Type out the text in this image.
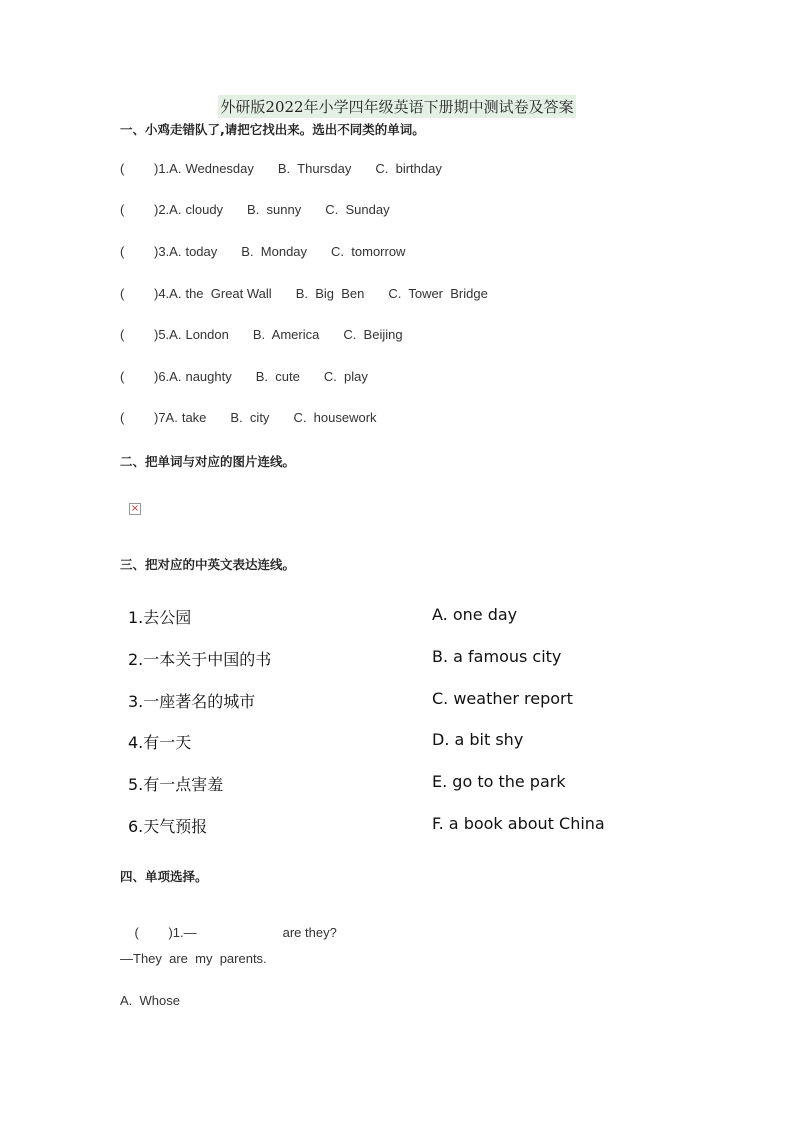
外研版2022年小学四年级英语下册期中测试卷及答案
一、小鸡走错队了,请把它找出来。选出不同类的单词。
( )1.A. Wednesday B.  Thursday C.  birthday
( )2.A. cloudy B.  sunny C.  Sunday
( )3.A. today B.  Monday C.  tomorrow
( )4.A. the  Great Wall B.  Big  Ben C.  Tower  Bridge
( )5.A. London B.  America C.  Beijing
( )6.A. naughty B.  cute C.  play
( )7A. take B.  city C.  housework
二、把单词与对应的图片连线。
×
三、把对应的中英文表达连线。
1.去公园
2.一本关于中国的书
3.一座著名的城市
4.有一天
5.有一点害羞
6.天气预报
A. one day
B. a famous city
C. weather report
D. a bit shy
E. go to the park
F. a book about China
四、单项选择。

( )1.—	are they?

—They  are  my  parents.
A.  Whose
